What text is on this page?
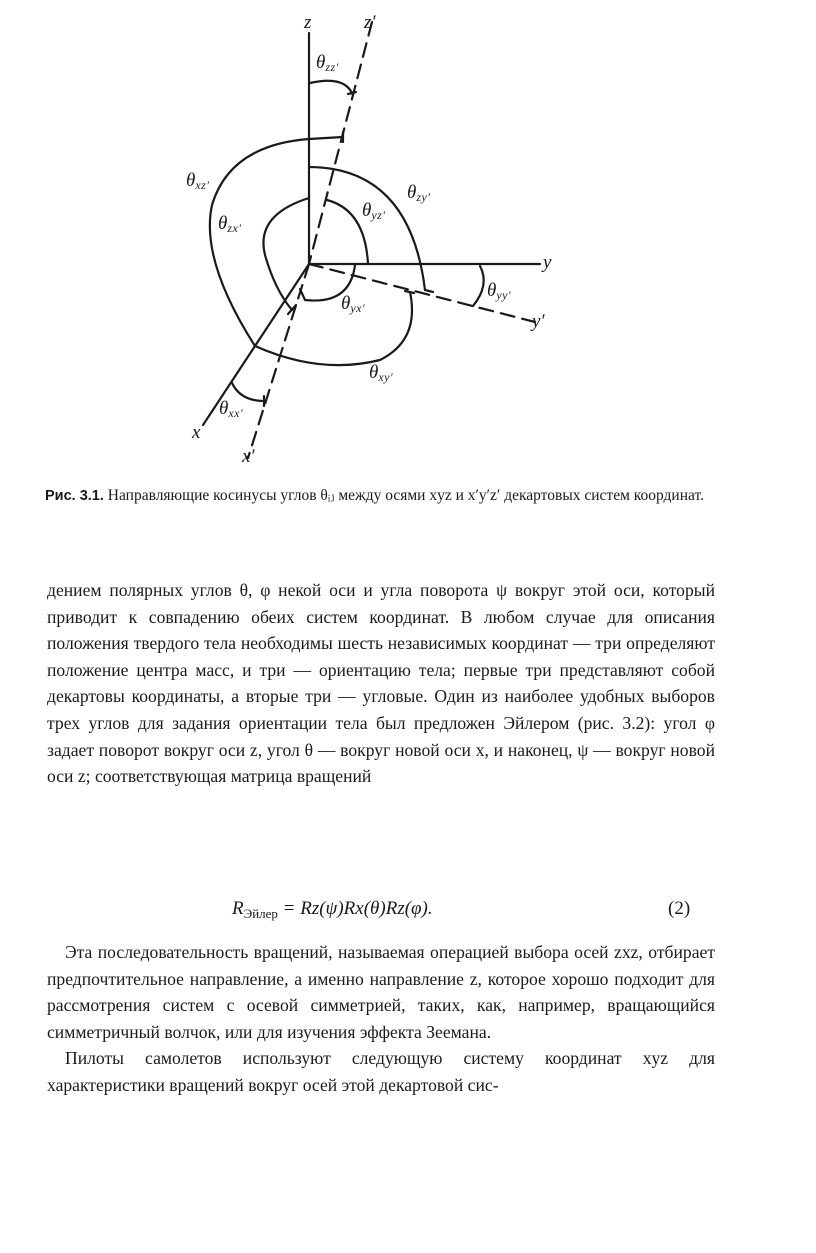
z	z′
y
y′
x
x′
$\theta_{zz'}$
$\theta_{xz'}$
$\theta_{zx'}$
$\theta_{yz'}$
$\theta_{zy'}$
$\theta_{yy'}$
$\theta_{yx'}$
$\theta_{xy'}$
$\theta_{xx'}$
Рис. 3.1. Направляющие косинусы углов θᵢⱼ между осями xyz и x′y′z′ декартовых систем координат.

дением полярных углов θ, φ некой оси и угла поворота ψ вокруг этой оси, который приводит к совпадению обеих систем координат. В любом случае для описания положения твердого тела необходимы шесть независимых координат — три определяют положение центра масс, и три — ориентацию тела; первые три представляют собой декартовы координаты, а вторые три — угловые. Один из наиболее удобных выборов трех углов для задания ориентации тела был предложен Эйлером (рис. 3.2): угол φ задает поворот вокруг оси z, угол θ — вокруг новой оси x, и наконец, ψ — вокруг новой оси z; соответствующая матрица вращений

$R_{Эйлер} = Rz(\psi)Rx(\theta)Rz(\varphi)$.	(2)

Эта последовательность вращений, называемая операцией выбора осей zxz, отбирает предпочтительное направление, а именно направление z, которое хорошо подходит для рассмотрения систем с осевой симметрией, таких, как, например, вращающийся симметричный волчок, или для изучения эффекта Зеемана.

Пилоты самолетов используют следующую систему координат xyz для характеристики вращений вокруг осей этой декартовой сис-
